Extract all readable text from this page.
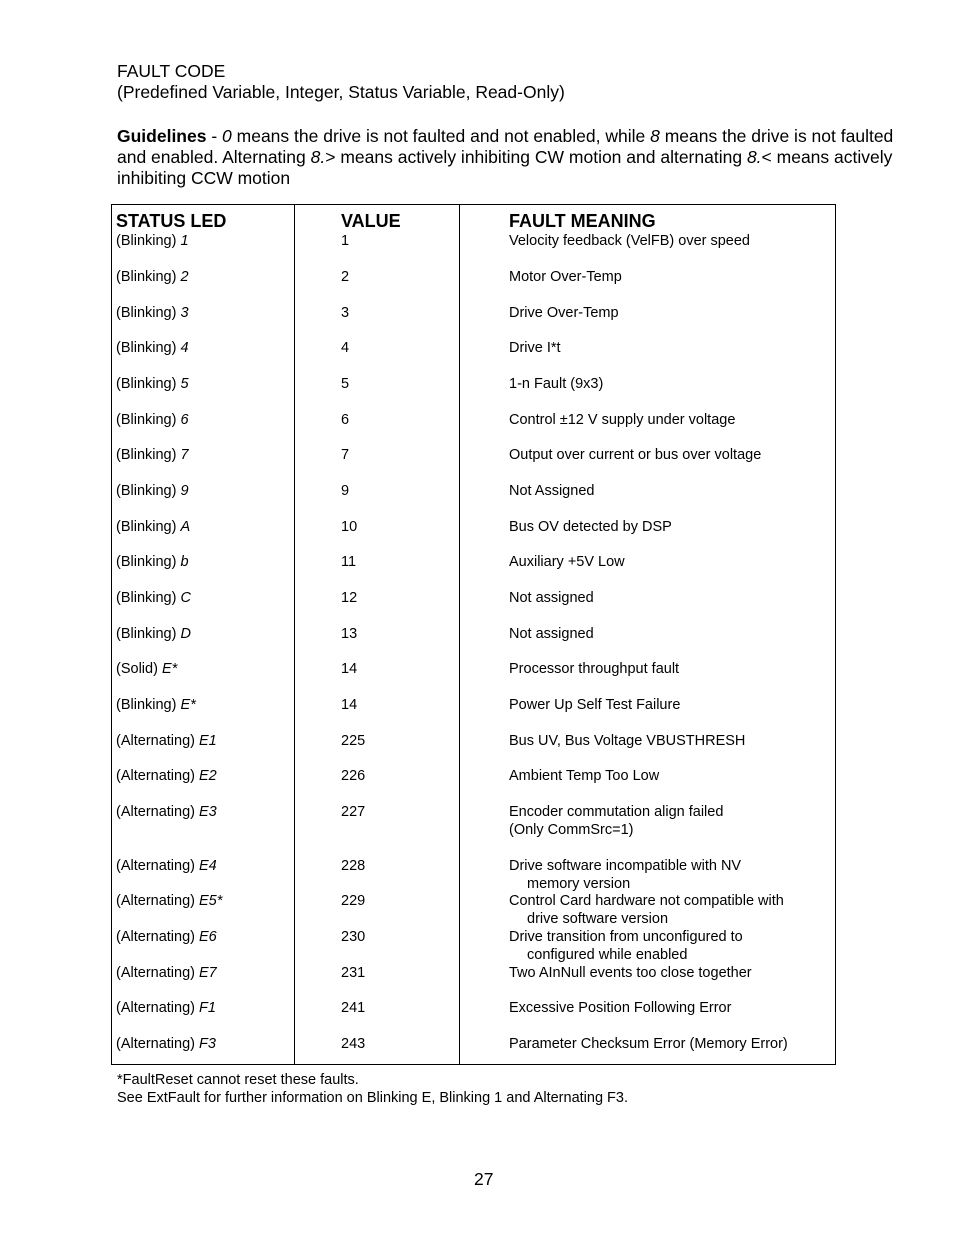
FAULT CODE
(Predefined Variable, Integer, Status Variable, Read-Only)
Guidelines - 0 means the drive is not faulted and not enabled, while 8 means the drive is not faulted and enabled. Alternating 8.> means actively inhibiting CW motion and alternating 8.< means actively inhibiting CCW motion
STATUS LED	VALUE	FAULT MEANING
(Blinking) 1	1	Velocity feedback (VelFB) over speed
(Blinking) 2	2	Motor Over-Temp
(Blinking) 3	3	Drive Over-Temp
(Blinking) 4	4	Drive I*t
(Blinking) 5	5	1-n Fault (9x3)
(Blinking) 6	6	Control ±12 V supply under voltage
(Blinking) 7	7	Output over current or bus over voltage
(Blinking) 9	9	Not Assigned
(Blinking) A	10	Bus OV detected by DSP
(Blinking) b	11	Auxiliary +5V Low
(Blinking) C	12	Not assigned
(Blinking) D	13	Not assigned
(Solid) E*	14	Processor throughput fault
(Blinking) E*	14	Power Up Self Test Failure
(Alternating) E1	225	Bus UV, Bus Voltage VBUSTHRESH
(Alternating) E2	226	Ambient Temp Too Low
(Alternating) E3	227	Encoder commutation align failed
(Only CommSrc=1)
(Alternating) E4	228	Drive software incompatible with NV
memory version
(Alternating) E5*	229	Control Card hardware not compatible with
drive software version
(Alternating) E6	230	Drive transition from unconfigured to
configured while enabled
(Alternating) E7	231	Two AInNull events too close together
(Alternating) F1	241	Excessive Position Following Error
(Alternating) F3	243	Parameter Checksum Error (Memory Error)
*FaultReset cannot reset these faults.
See ExtFault for further information on Blinking E, Blinking 1 and Alternating F3.
27
